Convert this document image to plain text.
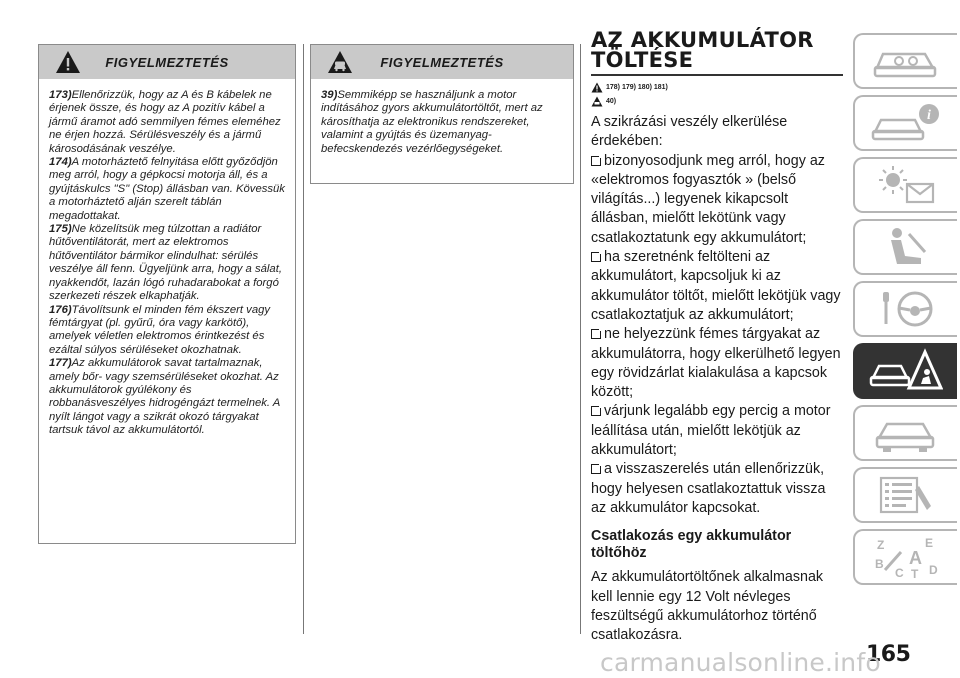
FIGYELMEZTETÉS

173)Ellenőrizzük, hogy az A és B kábelek ne érjenek össze, és hogy az A pozitív kábel a jármű áramot adó semmilyen fémes eleméhez ne érjen hozzá. Sérülésveszély és a jármű károsodásának veszélye.

174)A motorháztető felnyitása előtt győződjön meg arról, hogy a gépkocsi motorja áll, és a gyújtáskulcs "S" (Stop) állásban van. Kövessük a motorháztető alján szerelt táblán megadottakat.

175)Ne közelítsük meg túlzottan a radiátor hűtőventilátorát, mert az elektromos hűtőventilátor bármikor elindulhat: sérülés veszélye áll fenn. Ügyeljünk arra, hogy a sálat, nyakkendőt, lazán lógó ruhadarabokat a forgó szerkezeti részek elkaphatják.

176)Távolítsunk el minden fém ékszert vagy fémtárgyat (pl. gyűrű, óra vagy karkötő), amelyek véletlen elektromos érintkezést és ezáltal súlyos sérüléseket okozhatnak.

177)Az akkumulátorok savat tartalmaznak, amely bőr- vagy szemsérüléseket okozhat. Az akkumulátorok gyúlékony és robbanásveszélyes hidrogéngázt termelnek. A nyílt lángot vagy a szikrát okozó tárgyakat tartsuk távol az akkumulátortól.

FIGYELMEZTETÉS

39)Semmiképp se használjunk a motor indításához gyors akkumulátortöltőt, mert az károsíthatja az elektronikus rendszereket, valamint a gyújtás és üzemanyag-befecskendezés vezérlőegységeket.

AZ AKKUMULÁTOR
TÖLTÉSE
178) 179) 180) 181)
40)
A szikrázási veszély elkerülése érdekében:
bizonyosodjunk meg arról, hogy az «elektromos fogyasztók » (belső világítás...) legyenek kikapcsolt állásban, mielőtt lekötünk vagy csatlakoztatunk egy akkumulátort;
ha szeretnénk feltölteni az akkumulátort, kapcsoljuk ki az akkumulátor töltőt, mielőtt lekötjük vagy csatlakoztatjuk az akkumulátort;
ne helyezzünk fémes tárgyakat az akkumulátorra, hogy elkerülhető legyen egy rövidzárlat kialakulása a kapcsok között;
várjunk legalább egy percig a motor leállítása után, mielőtt lekötjük az akkumulátort;
a visszaszerelés után ellenőrizzük, hogy helyesen csatlakoztattuk vissza az akkumulátor kapcsokat.
Csatlakozás egy akkumulátor töltőhöz
Az akkumulátortöltőnek alkalmasnak kell lennie egy 12 Volt névleges feszültségű akkumulátorhoz történő csatlakozásra.
i
Z	E
B
C T D
A
165
carmanualsonline.info
